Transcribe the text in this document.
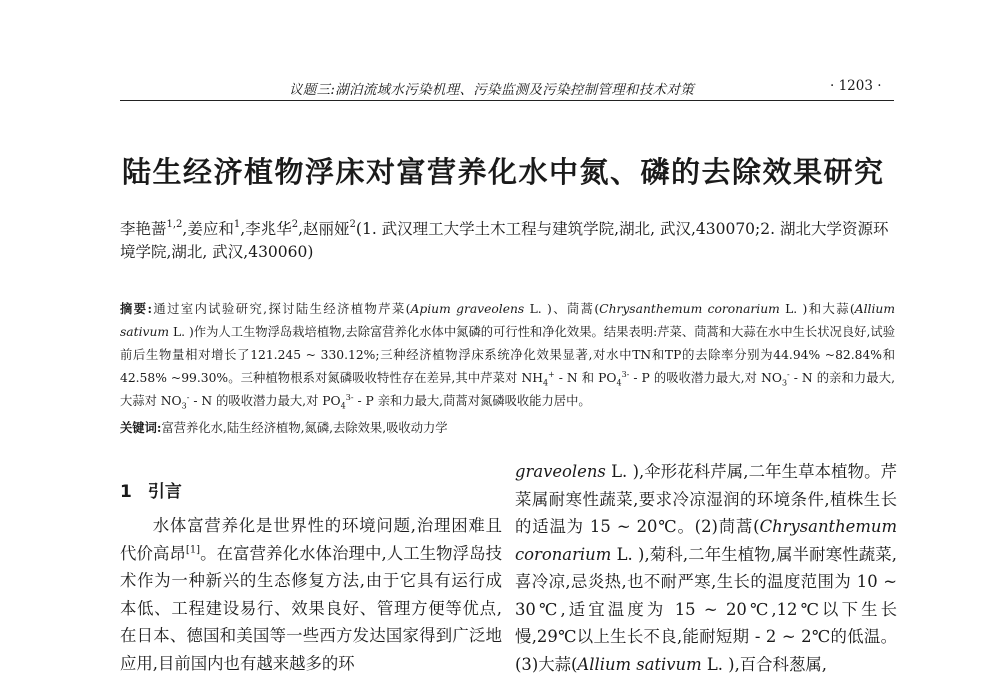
议题三:湖泊流域水污染机理、污染监测及污染控制管理和技术对策	· 1203 ·
陆生经济植物浮床对富营养化水中氮、磷的去除效果研究
李艳蔷$^{1,2}$,姜应和$^1$,李兆华$^2$,赵丽娅$^2$(1. 武汉理工大学土木工程与建筑学院,湖北, 武汉,430070;2. 湖北大学资源环境学院,湖北, 武汉,430060)
摘要:通过室内试验研究,探讨陆生经济植物芹菜(Apium graveolens L. )、茼蒿(Chrysanthemum coronarium L. )和大蒜(Allium sativum L. )作为人工生物浮岛栽培植物,去除富营养化水体中氮磷的可行性和净化效果。结果表明:芹菜、茼蒿和大蒜在水中生长状况良好,试验前后生物量相对增长了121.245 ~ 330.12%;三种经济植物浮床系统净化效果显著,对水中TN和TP的去除率分别为44.94% ~82.84%和42.58% ~99.30%。三种植物根系对氮磷吸收特性存在差异,其中芹菜对 $NH_4^+$ - N 和 $PO_4^{3-}$ - P 的吸收潜力最大,对 $NO_3^-$ - N 的亲和力最大,大蒜对 $NO_3^-$ - N 的吸收潜力最大,对 $PO_4^{3-}$ - P 亲和力最大,茼蒿对氮磷吸收能力居中。
关键词:富营养化水,陆生经济植物,氮磷,去除效果,吸收动力学
1 引言

水体富营养化是世界性的环境问题,治理困难且代价高昂[1]。在富营养化水体治理中,人工生物浮岛技术作为一种新兴的生态修复方法,由于它具有运行成本低、工程建设易行、效果良好、管理方便等优点,在日本、德国和美国等一些西方发达国家得到广泛地应用,目前国内也有越来越多的环

graveolens L. ),伞形花科芹属,二年生草本植物。芹菜属耐寒性蔬菜,要求冷凉湿润的环境条件,植株生长的适温为 15 ~ 20℃。(2)茼蒿(Chrysanthemum coronarium L. ),菊科,二年生植物,属半耐寒性蔬菜,喜冷凉,忌炎热,也不耐严寒,生长的温度范围为 10 ~ 30℃,适宜温度为 15 ~ 20℃,12℃以下生长慢,29℃以上生长不良,能耐短期 - 2 ~ 2℃的低温。(3)大蒜(Allium sativum L. ),百合科葱属,
